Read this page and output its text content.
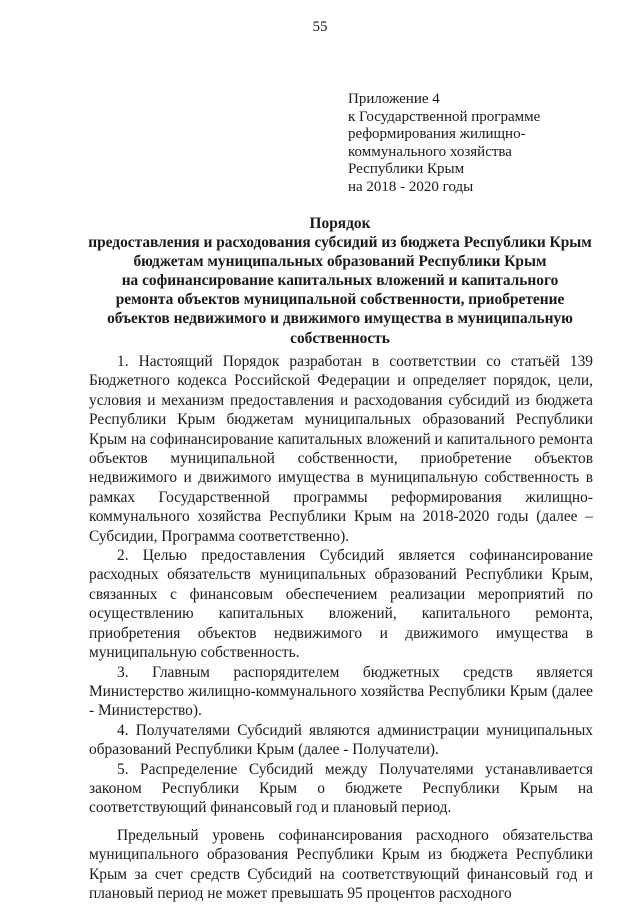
55
Приложение 4
к Государственной программе
реформирования жилищно-
коммунального хозяйства
Республики Крым
на 2018 - 2020 годы
Порядок
предоставления и расходования субсидий из бюджета Республики Крым
бюджетам муниципальных образований Республики Крым
на софинансирование капитальных вложений и капитального
ремонта объектов муниципальной собственности, приобретение
объектов недвижимого и движимого имущества в муниципальную
собственность

1. Настоящий Порядок разработан в соответствии со статьёй 139 Бюджетного кодекса Российской Федерации и определяет порядок, цели, условия и механизм предоставления и расходования субсидий из бюджета Республики Крым бюджетам муниципальных образований Республики Крым на софинансирование капитальных вложений и капитального ремонта объектов муниципальной собственности, приобретение объектов недвижимого и движимого имущества в муниципальную собственность в рамках Государственной программы реформирования жилищно-коммунального хозяйства Республики Крым на 2018-2020 годы (далее – Субсидии, Программа соответственно).

2. Целью предоставления Субсидий является софинансирование расходных обязательств муниципальных образований Республики Крым, связанных с финансовым обеспечением реализации мероприятий по осуществлению капитальных вложений, капитального ремонта, приобретения объектов недвижимого и движимого имущества в муниципальную собственность.

3. Главным распорядителем бюджетных средств является Министерство жилищно-коммунального хозяйства Республики Крым (далее - Министерство).

4. Получателями Субсидий являются администрации муниципальных образований Республики Крым (далее - Получатели).

5. Распределение Субсидий между Получателями устанавливается законом Республики Крым о бюджете Республики Крым на соответствующий финансовый год и плановый период.

Предельный уровень софинансирования расходного обязательства муниципального образования Республики Крым из бюджета Республики Крым за счет средств Субсидий на соответствующий финансовый год и плановый период не может превышать 95 процентов расходного
